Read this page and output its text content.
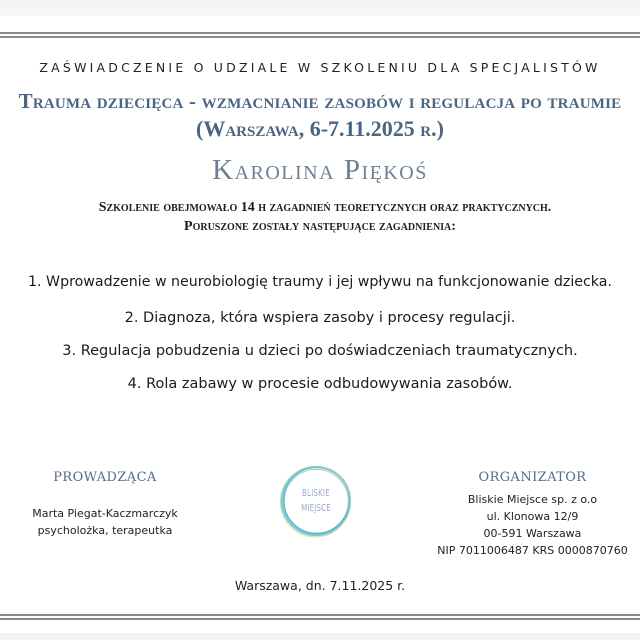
ZAŚWIADCZENIE O UDZIALE W SZKOLENIU DLA SPECJALISTÓW
Trauma dziecięca - wzmacnianie zasobów i regulacja po traumie
(Warszawa, 6-7.11.2025 r.)
Karolina Piękoś
Szkolenie obejmowało 14 h zagadnień teoretycznych oraz praktycznych.
Poruszone zostały następujące zagadnienia:
1. Wprowadzenie w neurobiologię traumy i jej wpływu na funkcjonowanie dziecka.
2. Diagnoza, która wspiera zasoby i procesy regulacji.
3. Regulacja pobudzenia u dzieci po doświadczeniach traumatycznych.
4. Rola zabawy w procesie odbudowywania zasobów.
PROWADZĄCA
Marta Piegat-Kaczmarczyk
psycholożka, terapeutka
BLISKIE
MIEJSCE
ORGANIZATOR
Bliskie Miejsce sp. z o.o
ul. Klonowa 12/9
00-591 Warszawa
NIP 7011006487 KRS 0000870760
Warszawa, dn. 7.11.2025 r.
